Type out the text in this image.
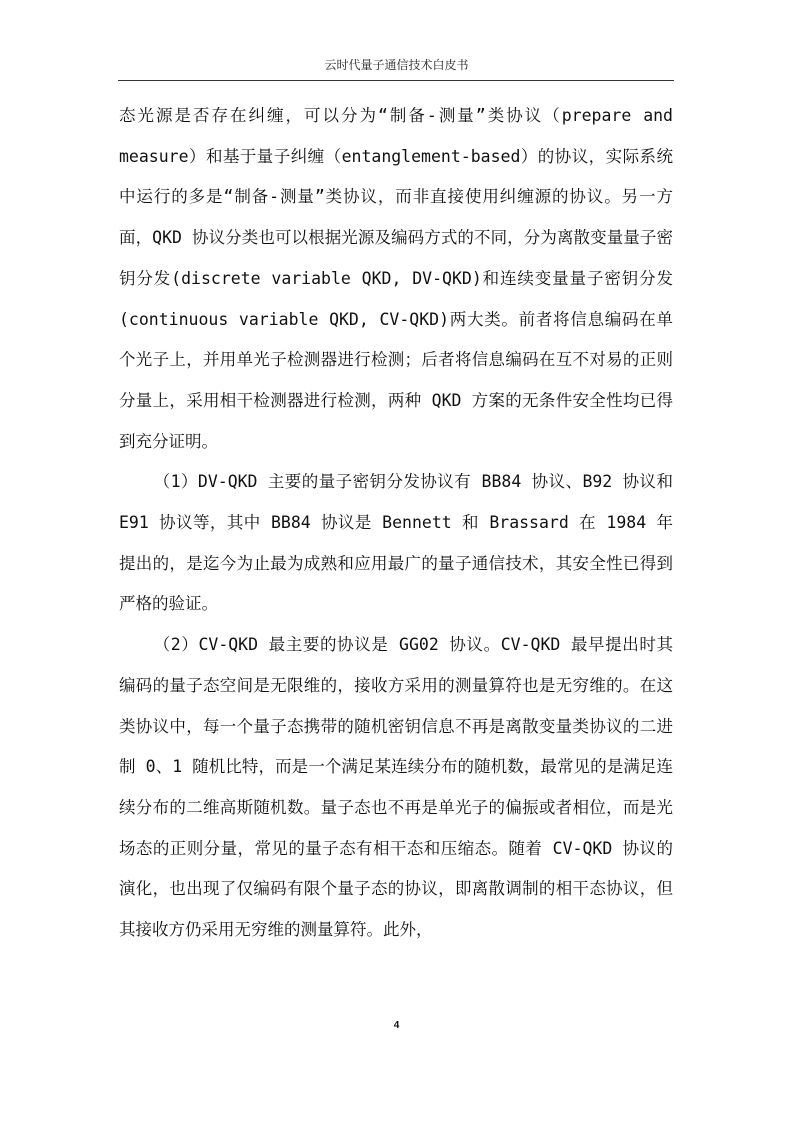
云时代量子通信技术白皮书

态光源是否存在纠缠，可以分为“制备-测量”类协议（prepare and measure）和基于量子纠缠（entanglement-based）的协议，实际系统中运行的多是“制备-测量”类协议，而非直接使用纠缠源的协议。另一方面，QKD 协议分类也可以根据光源及编码方式的不同，分为离散变量量子密钥分发(discrete variable QKD, DV-QKD)和连续变量量子密钥分发(continuous variable QKD, CV-QKD)两大类。前者将信息编码在单个光子上，并用单光子检测器进行检测；后者将信息编码在互不对易的正则分量上，采用相干检测器进行检测，两种 QKD 方案的无条件安全性均已得到充分证明。

（1）DV-QKD 主要的量子密钥分发协议有 BB84 协议、B92 协议和 E91 协议等，其中 BB84 协议是 Bennett 和 Brassard 在 1984 年提出的，是迄今为止最为成熟和应用最广的量子通信技术，其安全性已得到严格的验证。

（2）CV-QKD 最主要的协议是 GG02 协议。CV-QKD 最早提出时其编码的量子态空间是无限维的，接收方采用的测量算符也是无穷维的。在这类协议中，每一个量子态携带的随机密钥信息不再是离散变量类协议的二进制 0、1 随机比特，而是一个满足某连续分布的随机数，最常见的是满足连续分布的二维高斯随机数。量子态也不再是单光子的偏振或者相位，而是光场态的正则分量，常见的量子态有相干态和压缩态。随着 CV-QKD 协议的演化，也出现了仅编码有限个量子态的协议，即离散调制的相干态协议，但其接收方仍采用无穷维的测量算符。此外，

4
